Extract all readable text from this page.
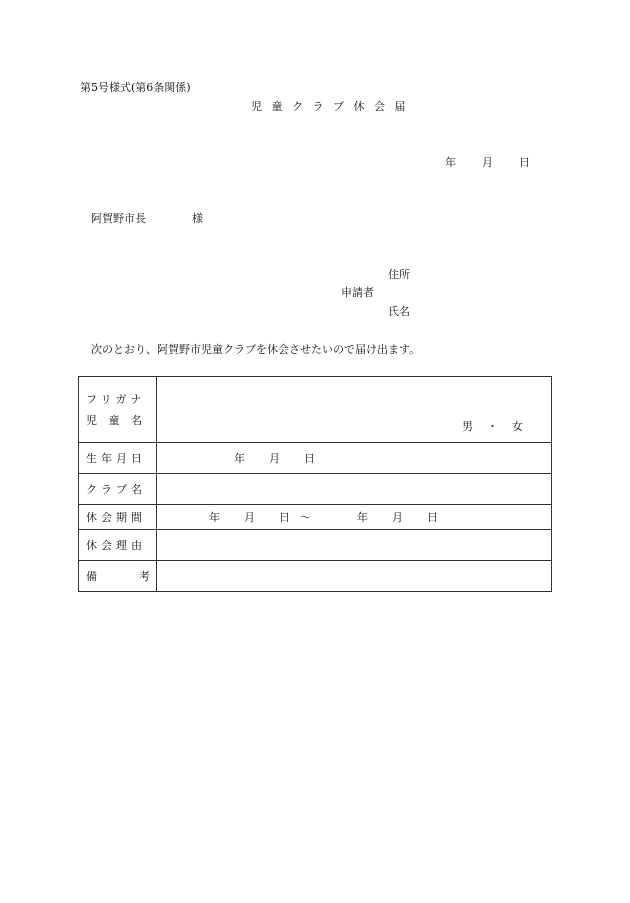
第5号様式(第6条関係)
児 童 ク ラ ブ 休 会 届
年 月 日
阿賀野市長	様
住所
申請者
氏名
次のとおり、阿賀野市児童クラブを休会させたいので届け出ます。
フリガナ
児 童 名	男 ・ 女

生年月日	年 月 日

クラブ名	
休会期間	年 月 日 〜 年 月 日

休会理由	
備 考	
